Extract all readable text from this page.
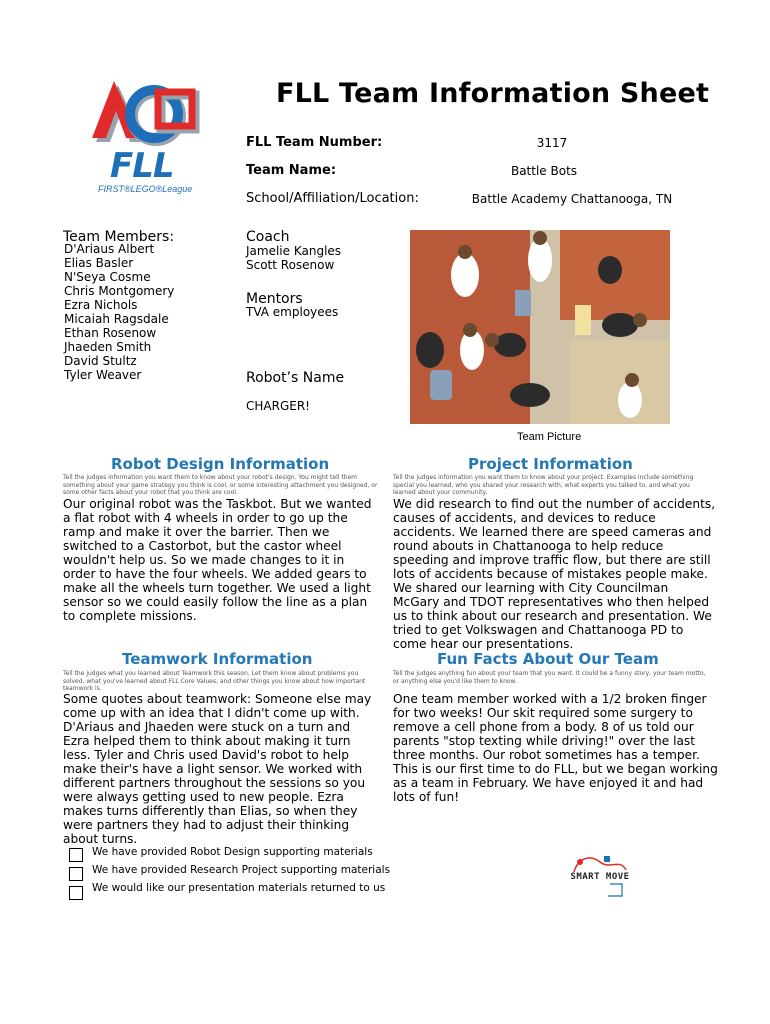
FLL
FIRST®LEGO®League
FLL Team Information Sheet
FLL Team Number:	3117
Team Name:	Battle Bots
School/Affiliation/Location:	Battle Academy Chattanooga, TN
Team Members:
D'Ariaus Albert
Elias Basler
N'Seya Cosme
Chris Montgomery
Ezra Nichols
Micaiah Ragsdale
Ethan Rosenow
Jhaeden Smith
David Stultz
Tyler Weaver
Coach
Jamelie Kangles
Scott Rosenow
Mentors
TVA employees
Robot’s Name
CHARGER!
Team Picture
Robot Design Information
Tell the judges information you want them to know about your robot's design. You might tell them something about your game strategy you think is cool, or some interesting attachment you designed, or some other facts about your robot that you think are cool.
Our original robot was the Taskbot. But we wanted a flat robot with 4 wheels in order to go up the ramp and make it over the barrier. Then we switched to a Castorbot, but the castor wheel wouldn't help us. So we made changes to it in order to have the four wheels. We added gears to make all the wheels turn together. We used a light sensor so we could easily follow the line as a plan to complete missions.
Project Information
Tell the judges information you want them to know about your project. Examples include something special you learned, who you shared your research with, what experts you talked to, and what you learned about your community.
We did research to find out the number of accidents, causes of accidents, and devices to reduce accidents. We learned there are speed cameras and round abouts in Chattanooga to help reduce speeding and improve traffic flow, but there are still lots of accidents because of mistakes people make. We shared our learning with City Councilman McGary and TDOT representatives who then helped us to think about our research and presentation. We tried to get Volkswagen and Chattanooga PD to come hear our presentations.
Teamwork Information
Tell the judges what you learned about Teamwork this season. Let them know about problems you solved, what you've learned about FLL Core Values, and other things you know about how important teamwork is.
Some quotes about teamwork: Someone else may come up with an idea that I didn't come up with. D'Ariaus and Jhaeden were stuck on a turn and Ezra helped them to think about making it turn less. Tyler and Chris used David's robot to help make their's have a light sensor. We worked with different partners throughout the sessions so you were always getting used to new people. Ezra makes turns differently than Elias, so when they were partners they had to adjust their thinking about turns.
Fun Facts About Our Team
Tell the judges anything fun about your team that you want. It could be a funny story, your team motto, or anything else you'd like them to know.
One team member worked with a 1/2 broken finger for two weeks! Our skit required some surgery to remove a cell phone from a body. 8 of us told our parents "stop texting while driving!" over the last three months. Our robot sometimes has a temper. This is our first time to do FLL, but we began working as a team in February. We have enjoyed it and had lots of fun!
We have provided Robot Design supporting materials
We have provided Research Project supporting materials
We would like our presentation materials returned to us
SMART MOVE
